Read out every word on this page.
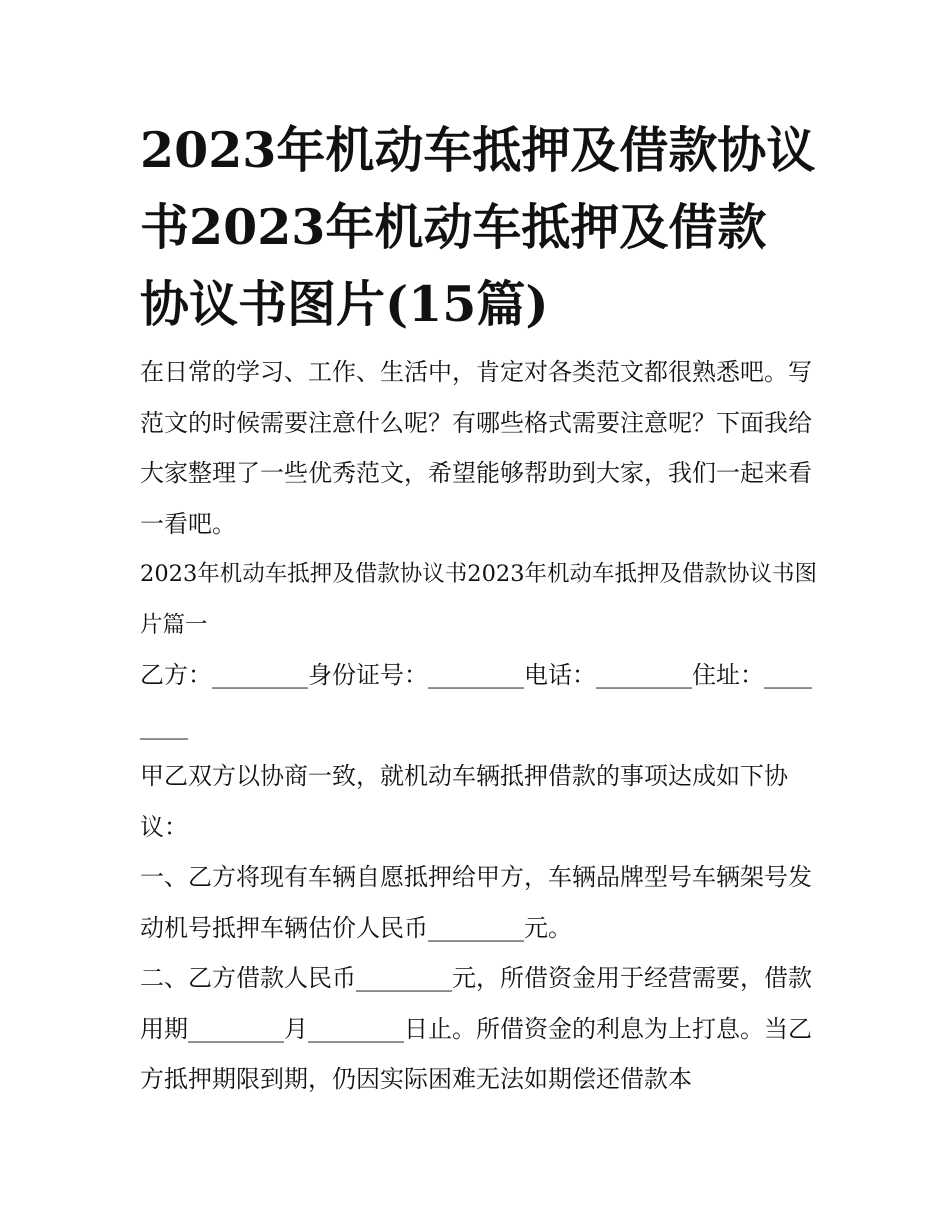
2023年机动车抵押及借款协议
书2023年机动车抵押及借款
协议书图片(15篇)

在日常的学习、工作、生活中，肯定对各类范文都很熟悉吧。写范文的时候需要注意什么呢？有哪些格式需要注意呢？下面我给大家整理了一些优秀范文，希望能够帮助到大家，我们一起来看一看吧。

2023年机动车抵押及借款协议书2023年机动车抵押及借款协议书图片篇一

乙方：________身份证号：________电话：________住址：________

甲乙双方以协商一致，就机动车辆抵押借款的事项达成如下协议：

一、乙方将现有车辆自愿抵押给甲方，车辆品牌型号车辆架号发动机号抵押车辆估价人民币________元。

二、乙方借款人民币________元，所借资金用于经营需要，借款用期________月________日止。所借资金的利息为上打息。当乙方抵押期限到期，仍因实际困难无法如期偿还借款本
